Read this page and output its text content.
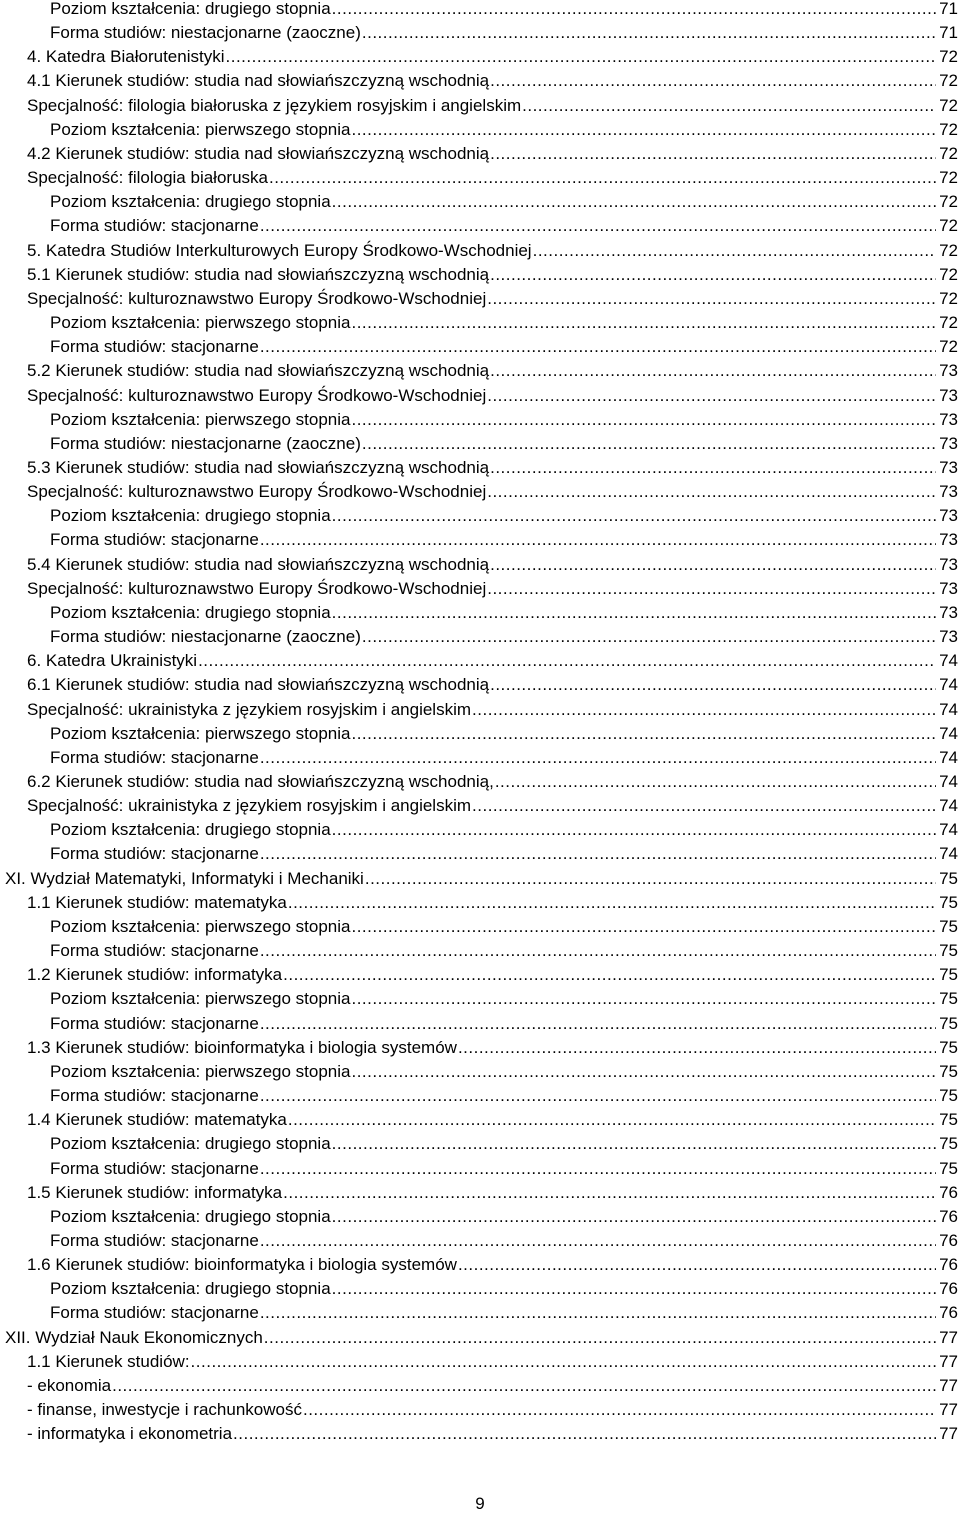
Poziom kształcenia: drugiego stopnia .....	71
Forma studiów: niestacjonarne (zaoczne) .....	71
4. Katedra Białorutenistyki .....	72
4.1 Kierunek studiów: studia nad słowiańszczyzną wschodnią .....	72
Specjalność: filologia białoruska z językiem rosyjskim i angielskim .....	72
Poziom kształcenia: pierwszego stopnia .....	72
4.2 Kierunek studiów: studia nad słowiańszczyzną wschodnią .....	72
Specjalność: filologia białoruska .....	72
Poziom kształcenia: drugiego stopnia .....	72
Forma studiów: stacjonarne .....	72
5. Katedra Studiów Interkulturowych Europy Środkowo-Wschodniej .....	72
5.1 Kierunek studiów: studia nad słowiańszczyzną wschodnią .....	72
Specjalność: kulturoznawstwo Europy Środkowo-Wschodniej .....	72
Poziom kształcenia: pierwszego stopnia .....	72
Forma studiów: stacjonarne .....	72
5.2 Kierunek studiów: studia nad słowiańszczyzną wschodnią .....	73
Specjalność: kulturoznawstwo Europy Środkowo-Wschodniej .....	73
Poziom kształcenia: pierwszego stopnia .....	73
Forma studiów: niestacjonarne (zaoczne) .....	73
5.3 Kierunek studiów: studia nad słowiańszczyzną wschodnią .....	73
Specjalność: kulturoznawstwo Europy Środkowo-Wschodniej .....	73
Poziom kształcenia: drugiego stopnia .....	73
Forma studiów: stacjonarne .....	73
5.4 Kierunek studiów: studia nad słowiańszczyzną wschodnią .....	73
Specjalność: kulturoznawstwo Europy Środkowo-Wschodniej .....	73
Poziom kształcenia: drugiego stopnia .....	73
Forma studiów: niestacjonarne (zaoczne) .....	73
6. Katedra Ukrainistyki .....	74
6.1 Kierunek studiów: studia nad słowiańszczyzną wschodnią .....	74
Specjalność: ukrainistyka z językiem rosyjskim i angielskim .....	74
Poziom kształcenia: pierwszego stopnia .....	74
Forma studiów: stacjonarne .....	74
6.2 Kierunek studiów: studia nad słowiańszczyzną wschodnią, .....	74
Specjalność: ukrainistyka z językiem rosyjskim i angielskim .....	74
Poziom kształcenia: drugiego stopnia .....	74
Forma studiów: stacjonarne .....	74
XI. Wydział Matematyki, Informatyki i Mechaniki .....	75
1.1 Kierunek studiów: matematyka .....	75
Poziom kształcenia: pierwszego stopnia .....	75
Forma studiów: stacjonarne .....	75
1.2 Kierunek studiów: informatyka .....	75
Poziom kształcenia: pierwszego stopnia .....	75
Forma studiów: stacjonarne .....	75
1.3 Kierunek studiów: bioinformatyka i biologia systemów .....	75
Poziom kształcenia: pierwszego stopnia .....	75
Forma studiów: stacjonarne .....	75
1.4 Kierunek studiów: matematyka .....	75
Poziom kształcenia: drugiego stopnia .....	75
Forma studiów: stacjonarne .....	75
1.5 Kierunek studiów: informatyka .....	76
Poziom kształcenia: drugiego stopnia .....	76
Forma studiów: stacjonarne .....	76
1.6 Kierunek studiów: bioinformatyka i biologia systemów .....	76
Poziom kształcenia: drugiego stopnia .....	76
Forma studiów: stacjonarne .....	76
XII. Wydział Nauk Ekonomicznych .....	77
1.1 Kierunek studiów: .....	77
- ekonomia .....	77
- finanse, inwestycje i rachunkowość .....	77
- informatyka i ekonometria .....	77
9
